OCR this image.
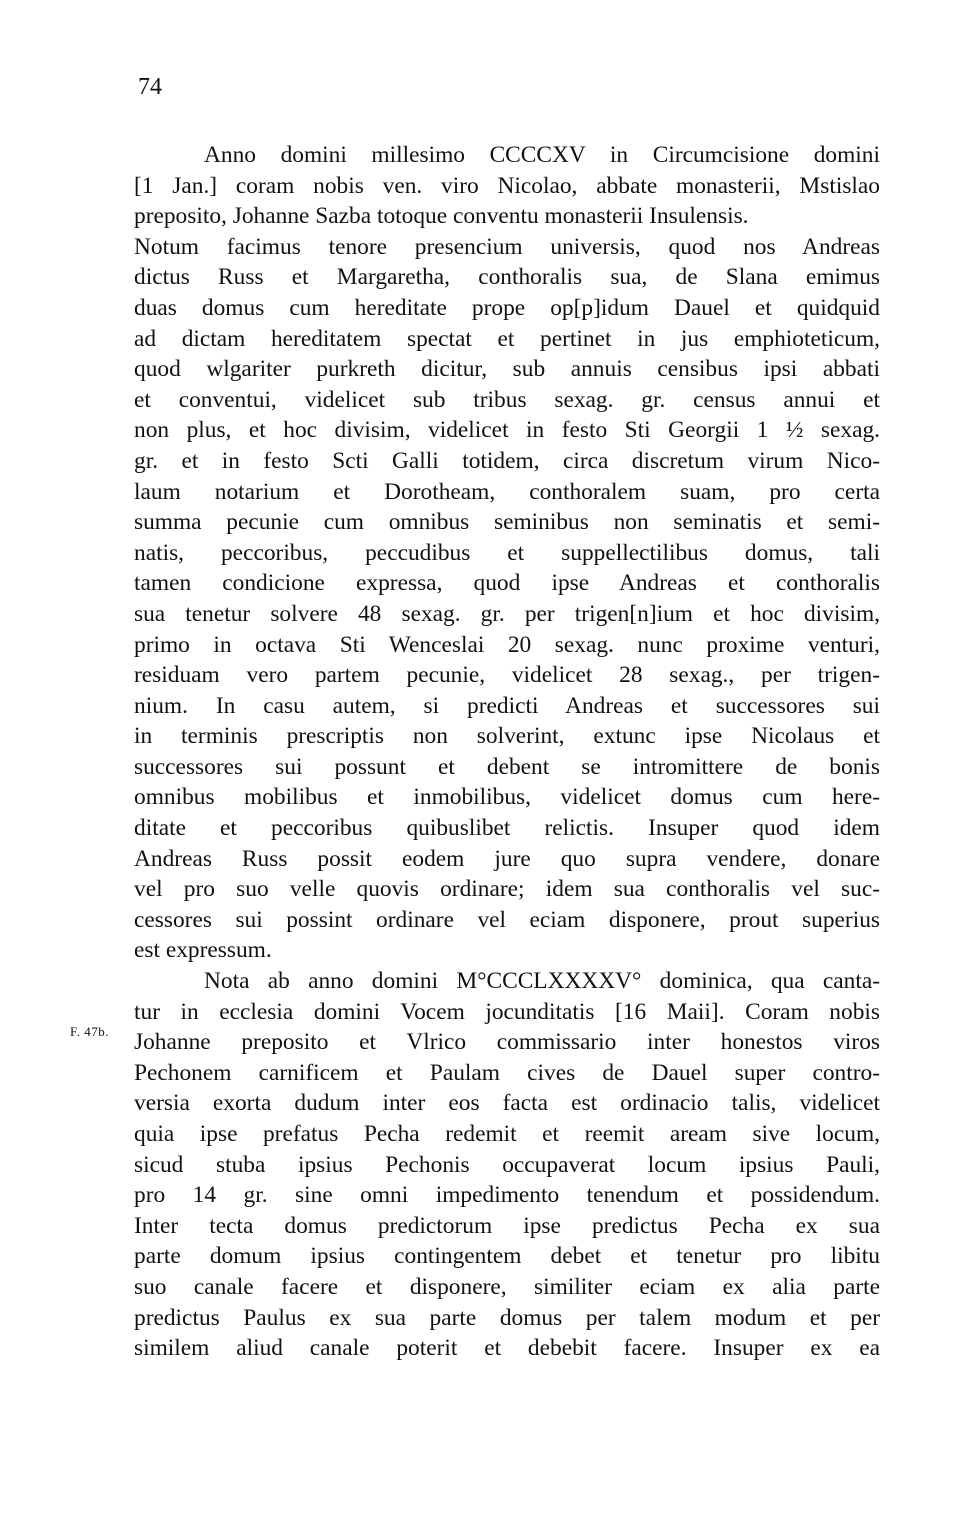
74
F. 47b.
Anno domini millesimo CCCCXV in Circumcisione domini
[1 Jan.] coram nobis ven. viro Nicolao, abbate monasterii, Mstislao
preposito, Johanne Sazba totoque conventu monasterii Insulensis.
Notum facimus tenore presencium universis, quod nos Andreas
dictus Russ et Margaretha, conthoralis sua, de Slana emimus
duas domus cum hereditate prope op[p]idum Dauel et quidquid
ad dictam hereditatem spectat et pertinet in jus emphioteticum,
quod wlgariter purkreth dicitur, sub annuis censibus ipsi abbati
et conventui, videlicet sub tribus sexag. gr. census annui et
non plus, et hoc divisim, videlicet in festo Sti Georgii 1 ½ sexag.
gr. et in festo Scti Galli totidem, circa discretum virum Nico-
laum notarium et Dorotheam, conthoralem suam, pro certa
summa pecunie cum omnibus seminibus non seminatis et semi-
natis, peccoribus, peccudibus et suppellectilibus domus, tali
tamen condicione expressa, quod ipse Andreas et conthoralis
sua tenetur solvere 48 sexag. gr. per trigen[n]ium et hoc divisim,
primo in octava Sti Wenceslai 20 sexag. nunc proxime venturi,
residuam vero partem pecunie, videlicet 28 sexag., per trigen-
nium. In casu autem, si predicti Andreas et successores sui
in terminis prescriptis non solverint, extunc ipse Nicolaus et
successores sui possunt et debent se intromittere de bonis
omnibus mobilibus et inmobilibus, videlicet domus cum here-
ditate et peccoribus quibuslibet relictis. Insuper quod idem
Andreas Russ possit eodem jure quo supra vendere, donare
vel pro suo velle quovis ordinare; idem sua conthoralis vel suc-
cessores sui possint ordinare vel eciam disponere, prout superius
est expressum.
Nota ab anno domini M°CCCLXXXXV° dominica, qua canta-
tur in ecclesia domini Vocem jocunditatis [16 Maii]. Coram nobis
Johanne preposito et Vlrico commissario inter honestos viros
Pechonem carnificem et Paulam cives de Dauel super contro-
versia exorta dudum inter eos facta est ordinacio talis, videlicet
quia ipse prefatus Pecha redemit et reemit aream sive locum,
sicud stuba ipsius Pechonis occupaverat locum ipsius Pauli,
pro 14 gr. sine omni impedimento tenendum et possidendum.
Inter tecta domus predictorum ipse predictus Pecha ex sua
parte domum ipsius contingentem debet et tenetur pro libitu
suo canale facere et disponere, similiter eciam ex alia parte
predictus Paulus ex sua parte domus per talem modum et per
similem aliud canale poterit et debebit facere. Insuper ex ea
